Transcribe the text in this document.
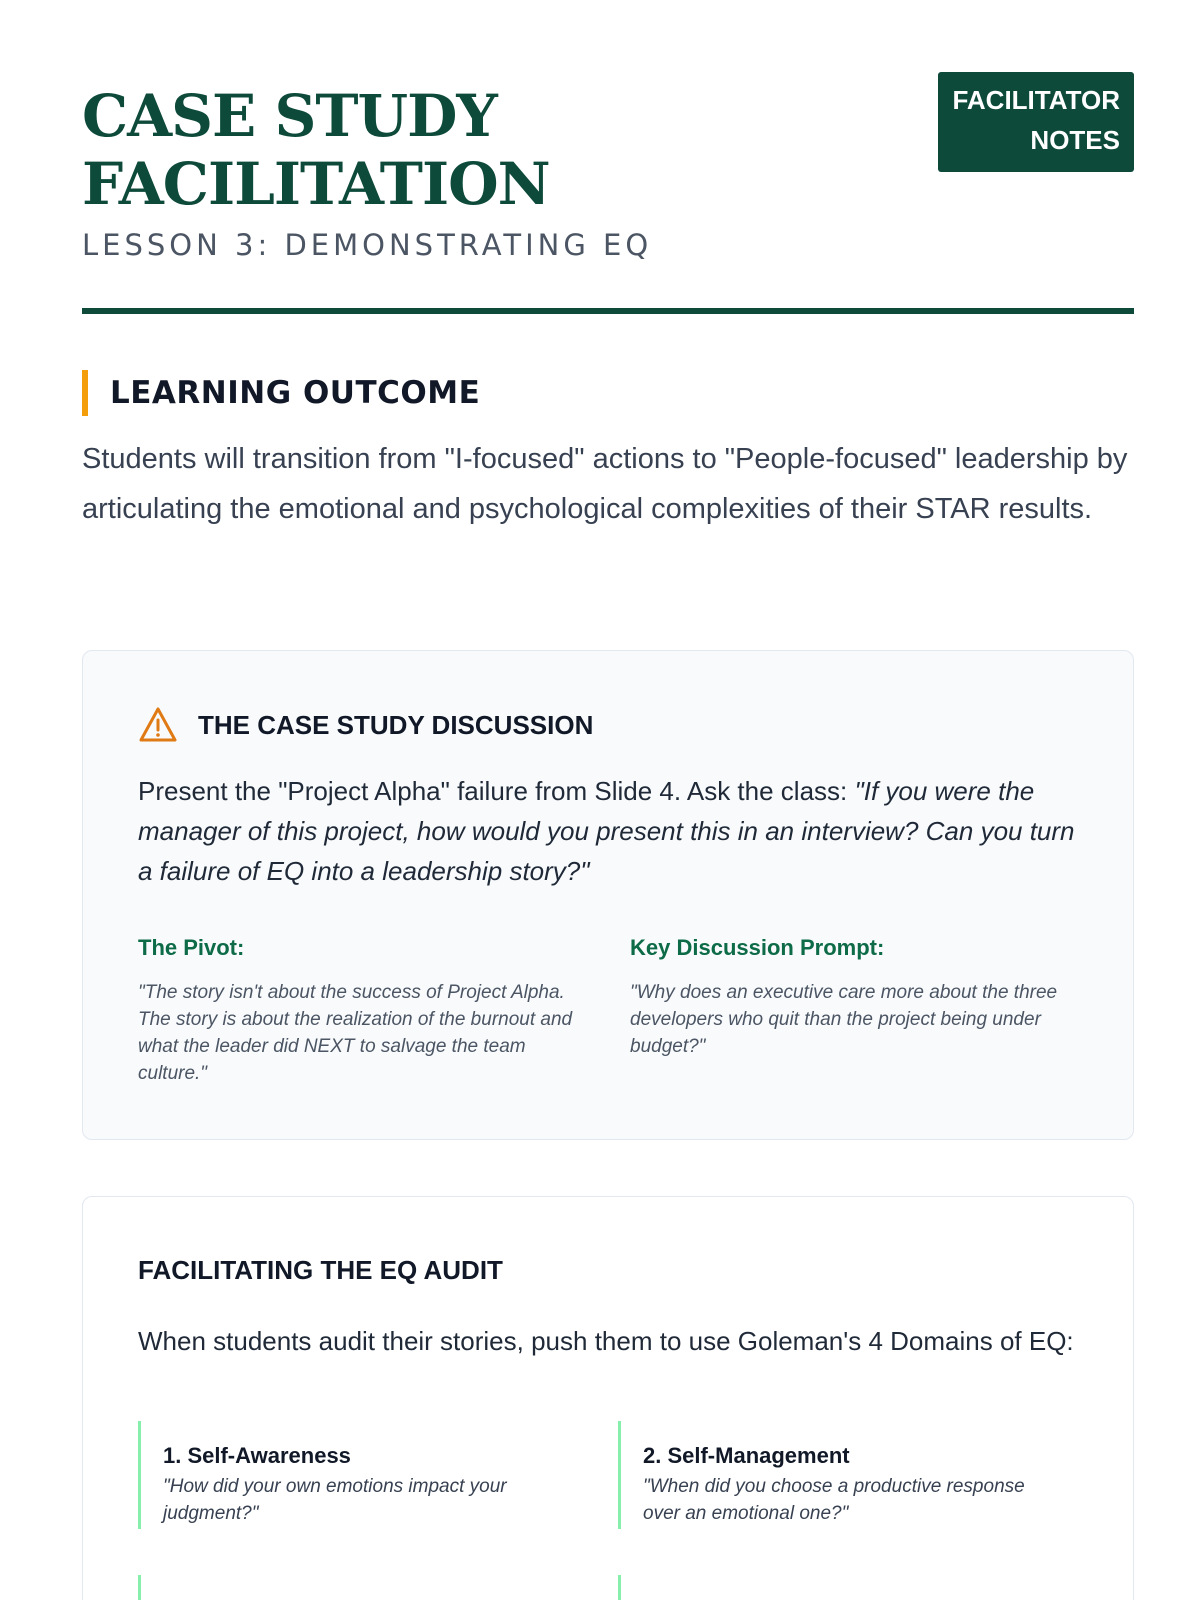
CASE STUDY
FACILITATION
LESSON 3: DEMONSTRATING EQ
FACILITATOR
NOTES
LEARNING OUTCOME

Students will transition from "I-focused" actions to "People-focused" leadership by articulating the emotional and psychological complexities of their STAR results.

THE CASE STUDY DISCUSSION

Present the "Project Alpha" failure from Slide 4. Ask the class: "If you were the manager of this project, how would you present this in an interview? Can you turn a failure of EQ into a leadership story?"

The Pivot:

"The story isn't about the success of Project Alpha. The story is about the realization of the burnout and what the leader did NEXT to salvage the team culture."

Key Discussion Prompt:

"Why does an executive care more about the three developers who quit than the project being under budget?"

FACILITATING THE EQ AUDIT

When students audit their stories, push them to use Goleman's 4 Domains of EQ:

1. Self-Awareness

"How did your own emotions impact your judgment?"

2. Self-Management

"When did you choose a productive response over an emotional one?"
